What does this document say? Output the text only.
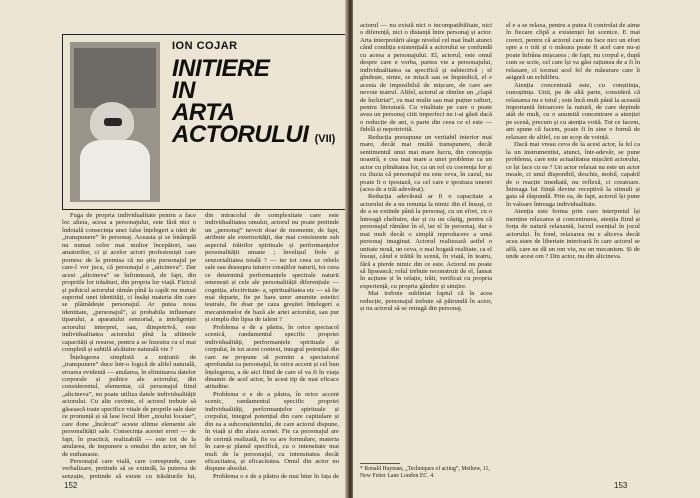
ION COJAR
INITIERE
IN
ARTA
ACTORULUI (VII)

Fuga de propria individualitate pentru a face loc alteia, acesa a personajului, este fără nici o îndoială consecința unei false înțelegeri a ideii de „transpunere” în personaj. Aceasta și se întâmplă nu numai celor mai multor începători, sau amatorilor, ci și acelor actori profesioniști care pornesc de la premisa că nu știu personajul pe care-l vor juca, că personajul e „aitcineva”. Dar acest „altcineva” se înfruntează, de fapt, din propriile lor trăsături, din propria lor viață. Fizicul și psihicul actorului rămân pînă la capăt nu numai suportul unei identități, ci însăși materia din care se plămădește personajul. Ar putea noua identitate, „personajul”, și probabila influenare tiparului, a aparatului senzorial, a inteligenței actorului interpret, sau, dimpotrivă, este individualitatea actorului pînă la ultimele capacități și resurse, pentru a se înzestra cu el mai completă și subtilă alcătuire naturală vie ?

Înțelegerea simplistă a noțiunii de „transpunere” duce într-o logică de altfel naturală, eroarea evidentă — anularea, în eliminarea datelor corporale și psihice ale actorului, din considerentul, elementar, că personajul fiind „altcineva”, nu poate utiliza datele individualității actorului. Cu alte cuvinte, el actorul trebuie să găsească toate specifice vitale de proprile sale date ce pronunță și să lase locul liber „noului locatar”, care done „încărcat” aceste ultime elemente ale personalității sale. Consecința acestei erori — de fapt, în practică, realizabilă — este tot de la anularea, de impunere a omului din actor, un fel de euthanasie.

Personajul care vială, care corespunde, care verbalizare, pretinde să se extindă, la puterea de senzație, pretinde să existe cu trăsăturile lui,

din miracolul de complexitate care este individualitatea omului, actorul nu poate pretinde un „personaj” nevoit doar de momente, de fapt, atribute ale exteriorității, dar mai consistente sub aspectul trăirilor spirituale și performanțelor personalității umane ; învelișul fiole și senzorialitatea totală ? — ter tot ceea ce rebels sale sau deasupra tuturor creațiilor naturii, tot ceea ce determină performanțele spectrale naturii omenești și cele ale personalității diferențiale — cogniția, afectivitate- a, spiritualitatea etc — să fie mai departe, fie pe bara unor anumite estetici teatrale, fie doar pe caza greșitei înțelegeri a mecanismelor de bază ale artei actorului, sau pur și simplu din lipsa de talent ?

Problema e de a păstra, în orice spectacol scenică, randamentul specific propriei individualități, performanțele spirituale și corpului, în tot acest context, integral potențial din care ne propune să pornim a spectatorul aprofundat ca personajul, în orice accent și cel bun înțelegerea, a de aici fiind de care el va fi în viața dinamic de acel actor, în acest tip de mai eficace atitudine.

Problema o e de a păstra, în orice accent scenic, randamentul specific propriei individualități, performanțelor spirituale și corpului, integral potențial din care capitulare și din ea a subconștientului, de care actorul dispune, în viață și din afara scenei. Fie ca personajul are de cerință realizată, fie ea are formulare, materia în care-și planul specifică, cu o intensitate mai mult de la personajul, cu intensitatea decât eficacitatea, și eficacitatea. Omul din actor nu dispune absolut.

Problema o e de a păstra de mai bine în fața de

152

actorul — nu există nici o incompatibilitate, nici o diferență, nici o distanță între personaj și actor. Arta interpretării alege nivelul cel mai înalt atunci când condiția existențială a actorului se confundă cu aceea a personajului. El, actorul, este omul despre care e vorba, partea vie a personajului, individualitatea sa specifică și subiectivă ; el gîndește, simte, se mișcă sau se împiedică, el e acesta de imposibilul de mișcare, de care are nevoie teatrul. Altfel, actorul ar rămîne un „clapă de închiriat”, cu mai multe sau mai puține rafturi, pentru literatură. Cu vitalitate pe care o poate avea un personaj citit imperfect nu i-ai găsit dacă o reducție de ani, o parte din ceea ce el este — fidelă și nepotrivită.

Reducția presupune un veritabil interior mai mare, decât mai multă transpunere, decât sentimentul unui mai mare lucru, din concepția noastră, e cea mai mare a unei probleme ca un actor cu plinătatea lor, ca un rol cu coerența lor și cu iluzia că personajul nu este ceva, în cazul, nu poate fi o ipostază, ca cel care e ipostaza uneori (acea de a trăi adevărat).

Reducția adevărată ar fi o capacitate a actorului de a nu renunța la nimic din el însuși, ci de a se extinde până la personaj, cu un efort, cu o întreagă cheltuire, dar și cu un câștig, pentru că personajul rămâne în el, iar el în personaj, dar e mai mult decât o simplă reproducere a unui personaj imaginat. Actorul realizează astfel o unitate nouă, un ceva, o mai bogată realitate, ca el însuși, când e trăită în scenă, în viață, în teatru, fără a pierde nimic din ce este. Actorul nu poate să lipsească; rolul trebuie reconstruit de el, lansat în acțiune și în relație, trăit, verificat cu propria experiență, cu propria gândire și simțire.

Mai trebuie subliniat faptul că în acea reducție, personajul trebuie să pătrundă în actor, și nu actorul să se retragă din personaj.

* Ronald Hayman, „Techniques of acting”, Methew, 11, New Fetter Lane London EC. 4.

el e a se relaxa, pentru a putea fi controlat de aime în fiecare clipă a existenței lui scenice. E mai corect, pentru că actorul care nu face nici un efort spre a o trăi și o măsura poate fi acel care nu-și poate înfrâna mișcarea ; de fapt, nu corpul e, după cum se scrie, cel care își va găsi rațiunea de a fi în relaxare, ci tocmai acel fel de măsurare care îi asigură un echilibru.

Atenția concentrată este, cu conștiința, cunoștința. Unii, pe de altă parte, consideră că relaxarea nu e totul ; este încă mult până la această importantă întoarcere la natură, de care depinde atât de mult, cu o anumită concentrare a atenției pe scenă, precum și cu atenția voită. Tot ce facem, am spune că facem, poate fi în sine o formă de relaxare de altfel, cu un scop de voință.

Dacă mai vreau ceva de la acest actor, la fel ca la un instrumentist, atunci, într-adevăr, se pune problema, care este actualitatea mișcării actorului, ce își face cu ea ? Un actor relaxat nu este un actor moale, ci unul disponibil, deschis, mobil, capabil de o reacție imediată, nu reflexă, ci creatoare. Întreaga lui ființă devine receptivă la stimuli și gata să răspundă. Prin ea, de fapt, actorul își pune în valoare întreaga individualitate.

Atenția este forma prin care interpretul își menține relaxarea și concentrarea, atenția fiind și forța de natură relaxantă, lucrul esențial în jocul actorului. În fond, relaxarea nu e altceva decât acea stare de libertate interioară în care actorul se află, care ne dă un om viu, nu un mecanism. Și de unde acest om ? Din actor, nu din altcineva.

153
